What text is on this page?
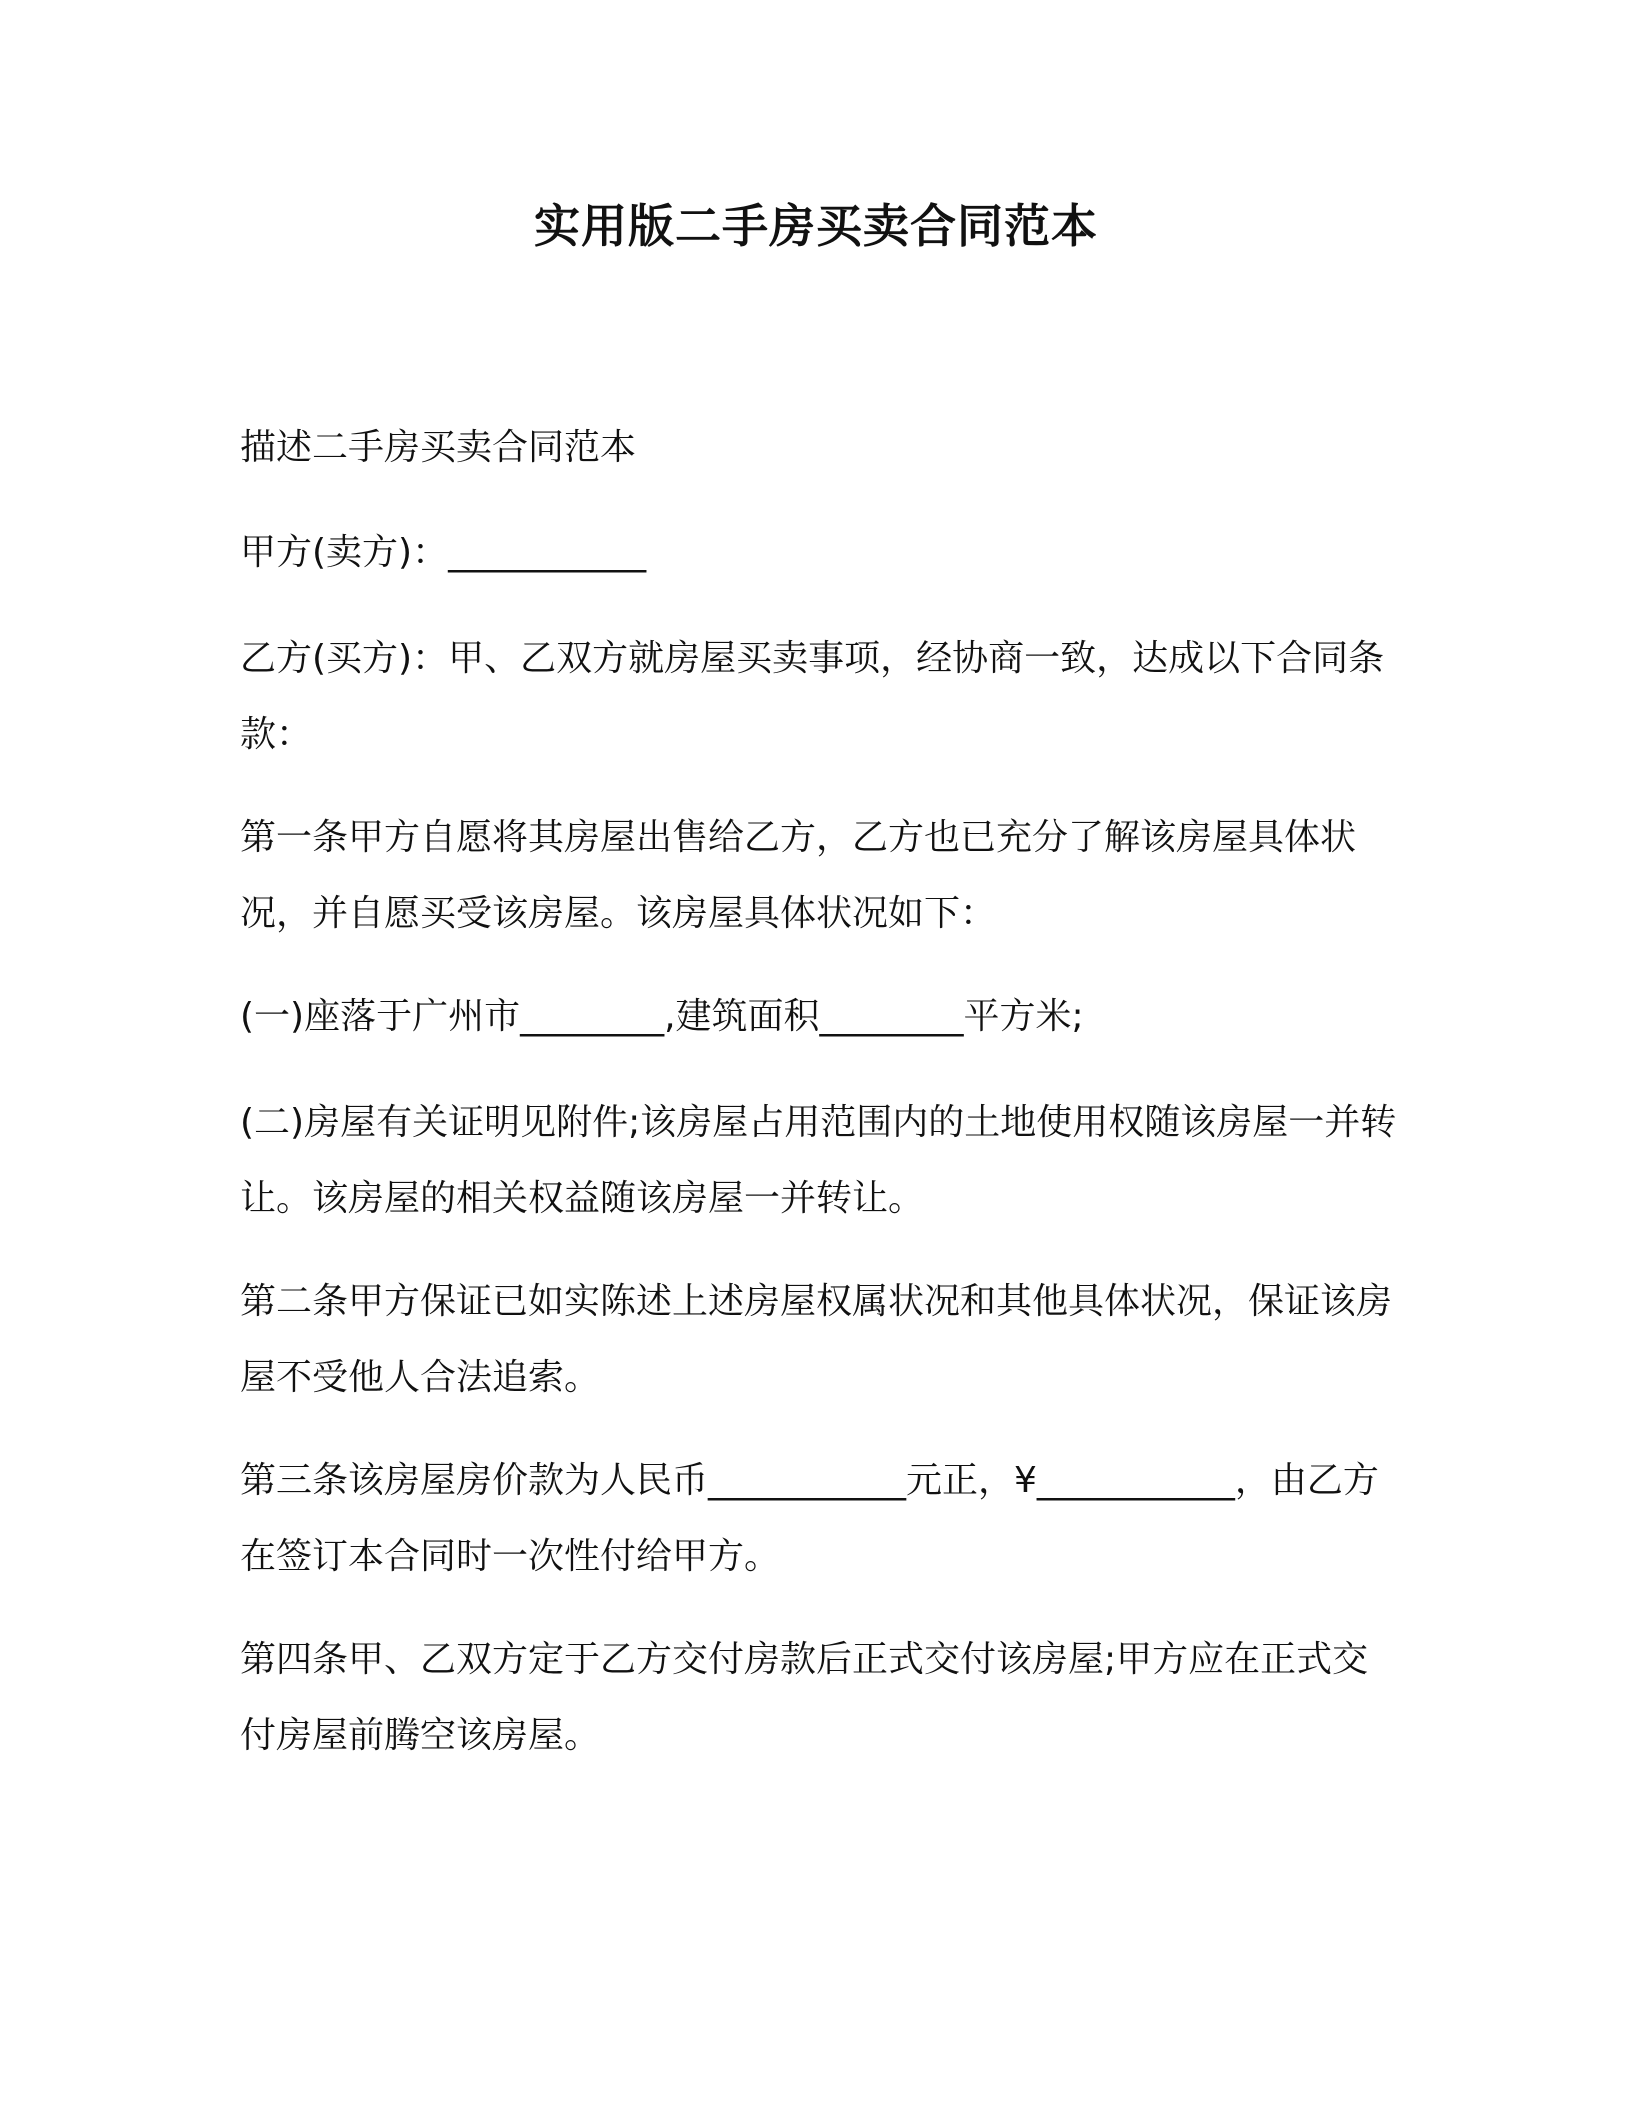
实用版二手房买卖合同范本
描述二手房买卖合同范本
甲方(卖方)：___________
乙方(买方)：甲、乙双方就房屋买卖事项，经协商一致，达成以下合同条款：
第一条甲方自愿将其房屋出售给乙方，乙方也已充分了解该房屋具体状况，并自愿买受该房屋。该房屋具体状况如下：
(一)座落于广州市________,建筑面积________平方米;
(二)房屋有关证明见附件;该房屋占用范围内的土地使用权随该房屋一并转让。该房屋的相关权益随该房屋一并转让。
第二条甲方保证已如实陈述上述房屋权属状况和其他具体状况，保证该房屋不受他人合法追索。
第三条该房屋房价款为人民币___________元正，¥___________，由乙方在签订本合同时一次性付给甲方。
第四条甲、乙双方定于乙方交付房款后正式交付该房屋;甲方应在正式交付房屋前腾空该房屋。
